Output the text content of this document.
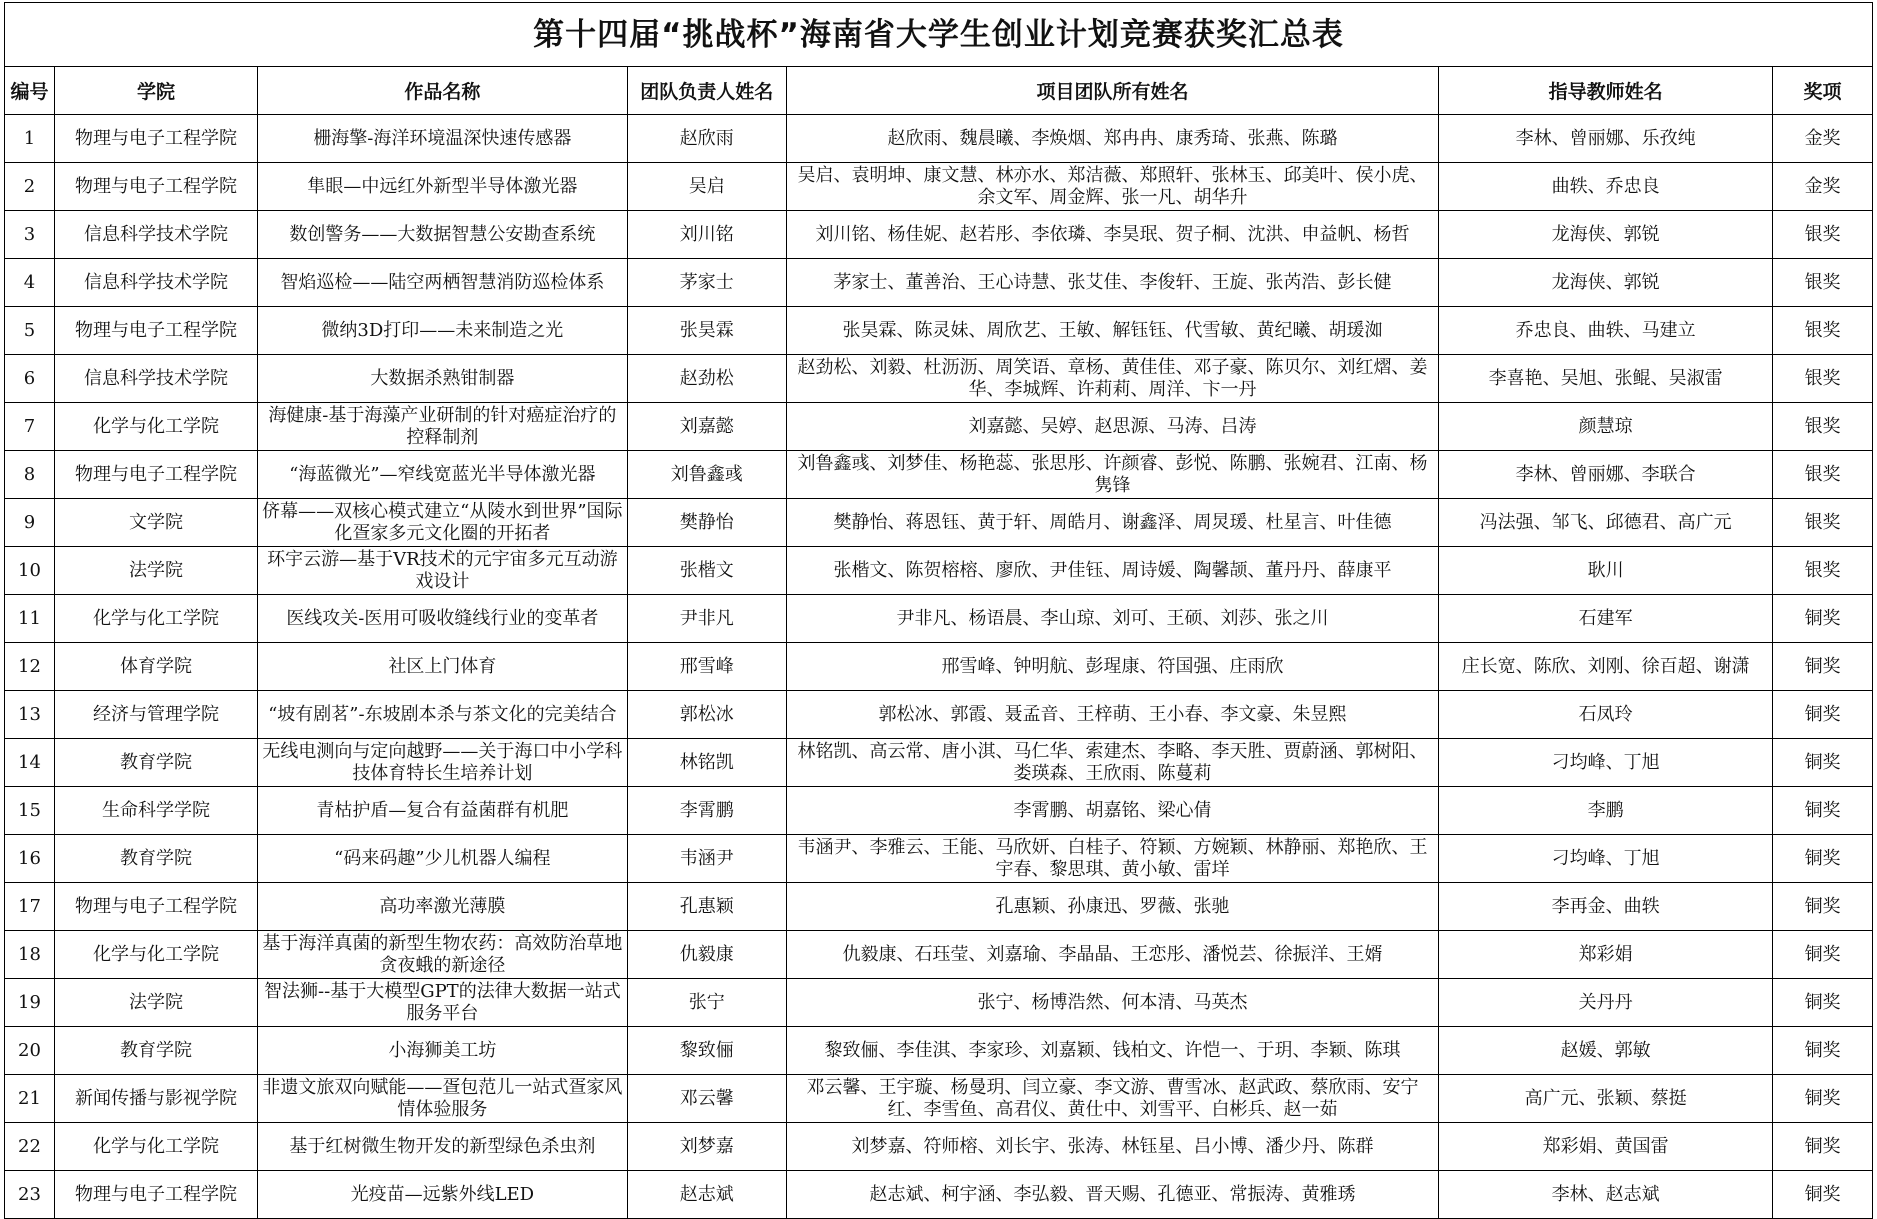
第十四届“挑战杯”海南省大学生创业计划竞赛获奖汇总表
编号	学院	作品名称	团队负责人姓名	项目团队所有姓名	指导教师姓名	奖项
1	物理与电子工程学院	栅海擎-海洋环境温深快速传感器	赵欣雨	赵欣雨、魏晨曦、李焕烟、郑冉冉、康秀琦、张燕、陈璐	李林、曾丽娜、乐孜纯	金奖
2	物理与电子工程学院	隼眼—中远红外新型半导体激光器	吴启	吴启、袁明坤、康文慧、林亦水、郑洁薇、郑照轩、张林玉、邱美叶、侯小虎、余文军、周金辉、张一凡、胡华升	曲轶、乔忠良	金奖
3	信息科学技术学院	数创警务——大数据智慧公安勘查系统	刘川铭	刘川铭、杨佳妮、赵若彤、李依璘、李昊珉、贺子桐、沈洪、申益帆、杨哲	龙海侠、郭锐	银奖
4	信息科学技术学院	智焰巡检——陆空两栖智慧消防巡检体系	茅家士	茅家士、董善治、王心诗慧、张艾佳、李俊轩、王旋、张芮浩、彭长健	龙海侠、郭锐	银奖
5	物理与电子工程学院	微纳3D打印——未来制造之光	张昊霖	张昊霖、陈灵妹、周欣艺、王敏、解钰钰、代雪敏、黄纪曦、胡瑗洳	乔忠良、曲轶、马建立	银奖
6	信息科学技术学院	大数据杀熟钳制器	赵劲松	赵劲松、刘毅、杜沥沥、周笑语、章杨、黄佳佳、邓子豪、陈贝尔、刘红熠、姜华、李城辉、许莉莉、周洋、卞一丹	李喜艳、吴旭、张鲲、吴淑雷	银奖
7	化学与化工学院	海健康-基于海藻产业研制的针对癌症治疗的控释制剂	刘嘉懿	刘嘉懿、吴婷、赵思源、马涛、吕涛	颜慧琼	银奖
8	物理与电子工程学院	“海蓝微光”—窄线宽蓝光半导体激光器	刘鲁鑫彧	刘鲁鑫彧、刘梦佳、杨艳蕊、张思彤、许颜睿、彭悦、陈鹏、张婉君、江南、杨隽锋	李林、曾丽娜、李联合	银奖
9	文学院	侪幕——双核心模式建立“从陵水到世界”国际化疍家多元文化圈的开拓者	樊静怡	樊静怡、蒋恩钰、黄于轩、周皓月、谢鑫泽、周炅瑗、杜星言、叶佳德	冯法强、邹飞、邱德君、高广元	银奖
10	法学院	环宇云游—基于VR技术的元宇宙多元互动游戏设计	张楷文	张楷文、陈贺榕榕、廖欣、尹佳钰、周诗媛、陶馨颉、董丹丹、薛康平	耿川	银奖
11	化学与化工学院	医线攻关-医用可吸收缝线行业的变革者	尹非凡	尹非凡、杨语晨、李山琼、刘可、王硕、刘莎、张之川	石建军	铜奖
12	体育学院	社区上门体育	邢雪峰	邢雪峰、钟明航、彭瑆康、符国强、庄雨欣	庄长宽、陈欣、刘刚、徐百超、谢潇	铜奖
13	经济与管理学院	“坡有剧茗”-东坡剧本杀与茶文化的完美结合	郭松冰	郭松冰、郭霞、聂孟音、王梓萌、王小春、李文豪、朱昱熙	石凤玲	铜奖
14	教育学院	无线电测向与定向越野——关于海口中小学科技体育特长生培养计划	林铭凯	林铭凯、高云常、唐小淇、马仁华、索建杰、李略、李天胜、贾蔚涵、郭树阳、娄瑛森、王欣雨、陈蔓莉	刁均峰、丁旭	铜奖
15	生命科学学院	青枯护盾—复合有益菌群有机肥	李霄鹏	李霄鹏、胡嘉铭、梁心倩	李鹏	铜奖
16	教育学院	“码来码趣”少儿机器人编程	韦涵尹	韦涵尹、李雅云、王能、马欣妍、白桂子、符颖、方婉颖、林静丽、郑艳欣、王宇春、黎思琪、黄小敏、雷垟	刁均峰、丁旭	铜奖
17	物理与电子工程学院	高功率激光薄膜	孔惠颖	孔惠颖、孙康迅、罗薇、张驰	李再金、曲轶	铜奖
18	化学与化工学院	基于海洋真菌的新型生物农药：高效防治草地贪夜蛾的新途径	仇毅康	仇毅康、石珏莹、刘嘉瑜、李晶晶、王恋彤、潘悦芸、徐振洋、王婿	郑彩娟	铜奖
19	法学院	智法狮--基于大模型GPT的法律大数据一站式服务平台	张宁	张宁、杨博浩然、何本清、马英杰	关丹丹	铜奖
20	教育学院	小海狮美工坊	黎致俪	黎致俪、李佳淇、李家珍、刘嘉颖、钱柏文、许恺一、于玥、李颖、陈琪	赵媛、郭敏	铜奖
21	新闻传播与影视学院	非遗文旅双向赋能——疍包范儿一站式疍家风情体验服务	邓云馨	邓云馨、王宇璇、杨曼玥、闫立豪、李文游、曹雪冰、赵武政、蔡欣雨、安宁红、李雪鱼、高君仪、黄仕中、刘雪平、白彬兵、赵一茹	高广元、张颖、蔡挺	铜奖
22	化学与化工学院	基于红树微生物开发的新型绿色杀虫剂	刘梦嘉	刘梦嘉、符师榕、刘长宇、张涛、林钰星、吕小博、潘少丹、陈群	郑彩娟、黄国雷	铜奖
23	物理与电子工程学院	光疫苗—远紫外线LED	赵志斌	赵志斌、柯宇涵、李弘毅、晋天赐、孔德亚、常振涛、黄雅琇	李林、赵志斌	铜奖
